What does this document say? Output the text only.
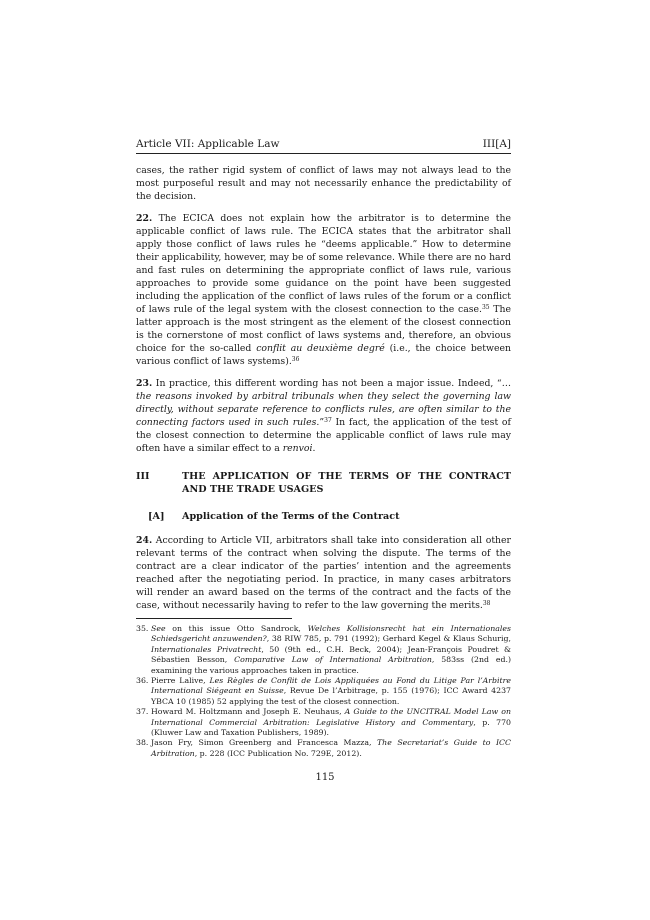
Article VII: Applicable Law	III[A]

cases, the rather rigid system of conflict of laws may not always lead to the most purposeful result and may not necessarily enhance the predictability of the decision.

22. The ECICA does not explain how the arbitrator is to determine the applicable conflict of laws rule. The ECICA states that the arbitrator shall apply those conflict of laws rules he “deems applicable.” How to determine their applicability, however, may be of some relevance. While there are no hard and fast rules on determining the appropriate conflict of laws rule, various approaches to provide some guidance on the point have been suggested including the application of the conflict of laws rules of the forum or a conflict of laws rule of the legal system with the closest connection to the case.$^{35}$ The latter approach is the most stringent as the element of the closest connection is the cornerstone of most conflict of laws systems and, therefore, an obvious choice for the so-called conflit au deuxième degré (i.e., the choice between various conflict of laws systems).$^{36}$

23. In practice, this different wording has not been a major issue. Indeed, “… the reasons invoked by arbitral tribunals when they select the governing law directly, without separate reference to conflicts rules, are often similar to the connecting factors used in such rules.”$^{37}$ In fact, the application of the test of the closest connection to determine the applicable conflict of laws rule may often have a similar effect to a renvoi.

III	THE APPLICATION OF THE TERMS OF THE CONTRACT AND THE TRADE USAGES
[A]	Application of the Terms of the Contract

24. According to Article VII, arbitrators shall take into consideration all other relevant terms of the contract when solving the dispute. The terms of the contract are a clear indicator of the parties’ intention and the agreements reached after the negotiating period. In practice, in many cases arbitrators will render an award based on the terms of the contract and the facts of the case, without necessarily having to refer to the law governing the merits.$^{38}$

35. See on this issue Otto Sandrock, Welches Kollisionsrecht hat ein Internationales Schiedsgericht anzuwenden?, 38 RIW 785, p. 791 (1992); Gerhard Kegel & Klaus Schurig, Internationales Privatrecht, 50 (9th ed., C.H. Beck, 2004); Jean-François Poudret & Sébastien Besson, Comparative Law of International Arbitration, 583ss (2nd ed.) examining the various approaches taken in practice.
36. Pierre Lalive, Les Règles de Conflit de Lois Appliquées au Fond du Litige Par l’Arbitre International Siégeant en Suisse, Revue De l’Arbitrage, p. 155 (1976); ICC Award 4237 YBCA 10 (1985) 52 applying the test of the closest connection.
37. Howard M. Holtzmann and Joseph E. Neuhaus, A Guide to the UNCITRAL Model Law on International Commercial Arbitration: Legislative History and Commentary, p. 770 (Kluwer Law and Taxation Publishers, 1989).
38. Jason Fry, Simon Greenberg and Francesca Mazza, The Secretariat’s Guide to ICC Arbitration, p. 228 (ICC Publication No. 729E, 2012).
115
